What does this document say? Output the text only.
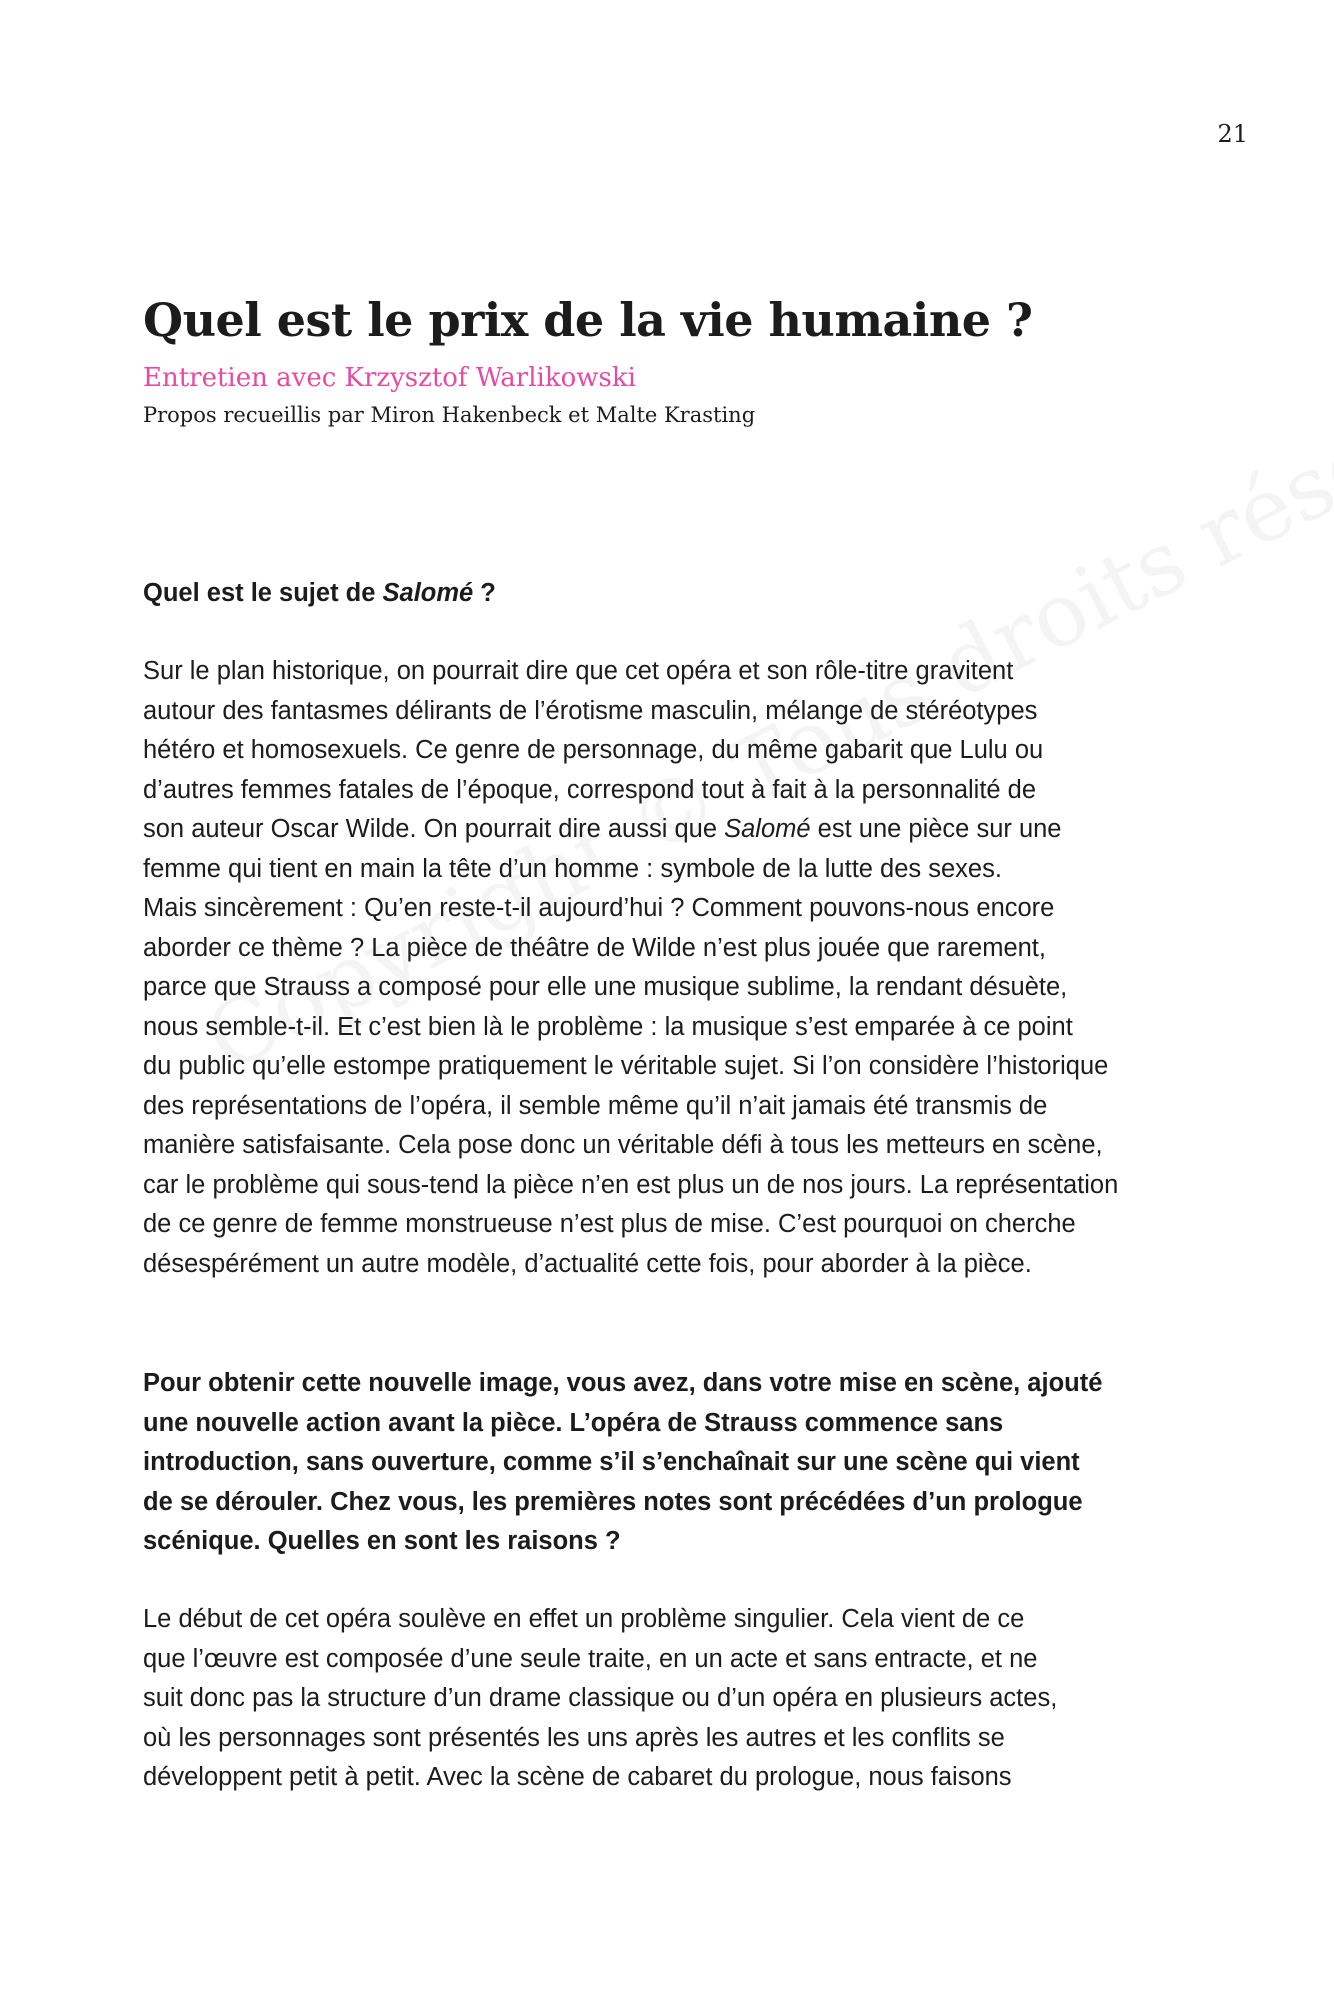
21
Quel est le prix de la vie humaine ?
Entretien avec Krzysztof Warlikowski
Propos recueillis par Miron Hakenbeck et Malte Krasting
Quel est le sujet de Salomé ?
Sur le plan historique, on pourrait dire que cet opéra et son rôle-titre gravitent
autour des fantasmes délirants de l’érotisme masculin, mélange de stéréotypes
hétéro et homosexuels. Ce genre de personnage, du même gabarit que Lulu ou
d’autres femmes fatales de l’époque, correspond tout à fait à la personnalité de
son auteur Oscar Wilde. On pourrait dire aussi que Salomé est une pièce sur une
femme qui tient en main la tête d’un homme : symbole de la lutte des sexes.
Mais sincèrement : Qu’en reste-t-il aujourd’hui ? Comment pouvons-nous encore
aborder ce thème ? La pièce de théâtre de Wilde n’est plus jouée que rarement,
parce que Strauss a composé pour elle une musique sublime, la rendant désuète,
nous semble-t-il. Et c’est bien là le problème : la musique s’est emparée à ce point
du public qu’elle estompe pratiquement le véritable sujet. Si l’on considère l’historique
des représentations de l’opéra, il semble même qu’il n’ait jamais été transmis de
manière satisfaisante. Cela pose donc un véritable défi à tous les metteurs en scène,
car le problème qui sous-tend la pièce n’en est plus un de nos jours. La représentation
de ce genre de femme monstrueuse n’est plus de mise. C’est pourquoi on cherche
désespérément un autre modèle, d’actualité cette fois, pour aborder à la pièce.
Pour obtenir cette nouvelle image, vous avez, dans votre mise en scène, ajouté
une nouvelle action avant la pièce. L’opéra de Strauss commence sans
introduction, sans ouverture, comme s’il s’enchaînait sur une scène qui vient
de se dérouler. Chez vous, les premières notes sont précédées d’un prologue
scénique. Quelles en sont les raisons ?
Le début de cet opéra soulève en effet un problème singulier. Cela vient de ce
que l’œuvre est composée d’une seule traite, en un acte et sans entracte, et ne
suit donc pas la structure d’un drame classique ou d’un opéra en plusieurs actes,
où les personnages sont présentés les uns après les autres et les conflits se
développent petit à petit. Avec la scène de cabaret du prologue, nous faisons
